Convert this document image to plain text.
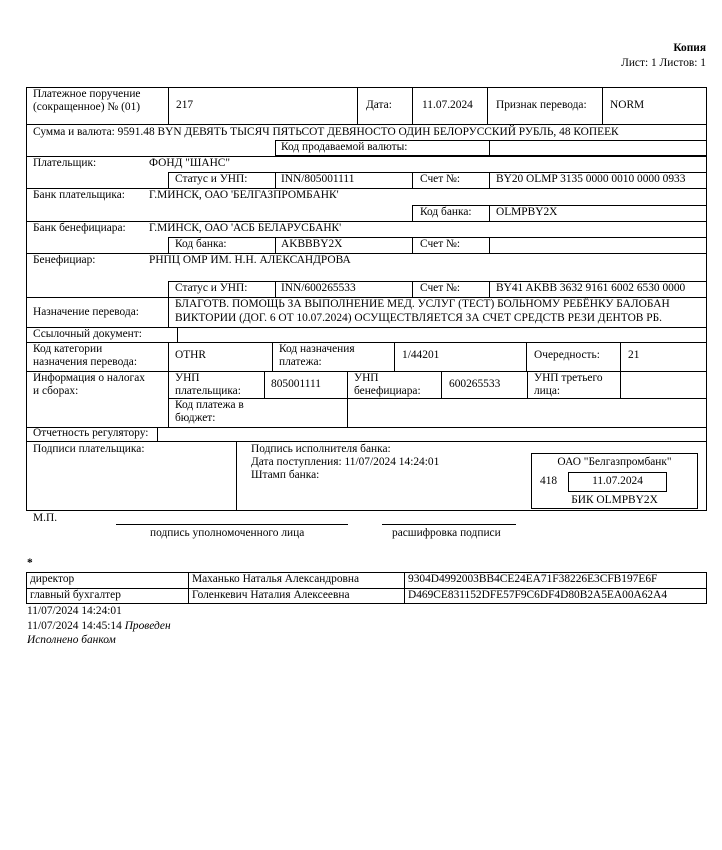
Копия
Лист: 1 Листов: 1
Платежное поручение (сокращенное) № (01)	217	Дата:	11.07.2024 Признак перевода: NORM
Сумма и валюта: 9591.48 BYN ДЕВЯТЬ ТЫСЯЧ ПЯТЬСОТ ДЕВЯНОСТО ОДИН БЕЛОРУССКИЙ РУБЛЬ, 48 КОПЕЕК
Код продаваемой валюты:
Плательщик:	ФОНД "ШАНС"
Статус и УНП:	INN/805001111	Счет №:	BY20 OLMP 3135 0000 0010 0000 0933
Банк плательщика: Г.МИНСК, ОАО 'БЕЛГАЗПРОМБАНК'
Код банка: OLMPBY2X
Банк бенефициара: Г.МИНСК, ОАО 'АСБ БЕЛАРУСБАНК'
Код банка:	AKBBBY2X	Счет №:
Бенефициар:	РНПЦ ОМР ИМ. Н.Н. АЛЕКСАНДРОВА
Статус и УНП:	INN/600265533	Счет №:	BY41 AKBB 3632 9161 6002 6530 0000
Назначение перевода:
БЛАГОТВ. ПОМОЩЬ ЗА ВЫПОЛНЕНИЕ МЕД. УСЛУГ (ТЕСТ) БОЛЬНОМУ РЕБЁНКУ БАЛОБАН
ВИКТОРИИ (ДОГ. 6 ОТ 10.07.2024) ОСУЩЕСТВЛЯЕТСЯ ЗА СЧЕТ СРЕДСТВ РЕЗИ ДЕНТОВ РБ.
Ссылочный документ:
Код категории
назначения перевода:
OTHR	Код назначения
платежа:
1/44201	Очередность: 21
Информация о налогах
и сборах:
УНП
плательщика:
805001111	УНП
бенефициара:
600265533	УНП третьего
лица:
Код платежа в
бюджет:
Отчетность регулятору:
Подписи плательщика:	Подпись исполнителя банка:
Дата поступления: 11/07/2024 14:24:01
Штамп банка:
ОАО "Белгазпромбанк"
418	11.07.2024
БИК OLMPBY2X
М.П.
подпись уполномоченного лица	расшифровка подписи
*
директор	Маханько Наталья Александровна	9304D4992003BB4CE24EA71F38226E3CFB197E6F
главный бухгалтер	Голенкевич Наталия Алексеевна	D469CE831152DFE57F9C6DF4D80B2A5EA00A62A4
11/07/2024 14:24:01
11/07/2024 14:45:14 Проведен
Исполнено банком
